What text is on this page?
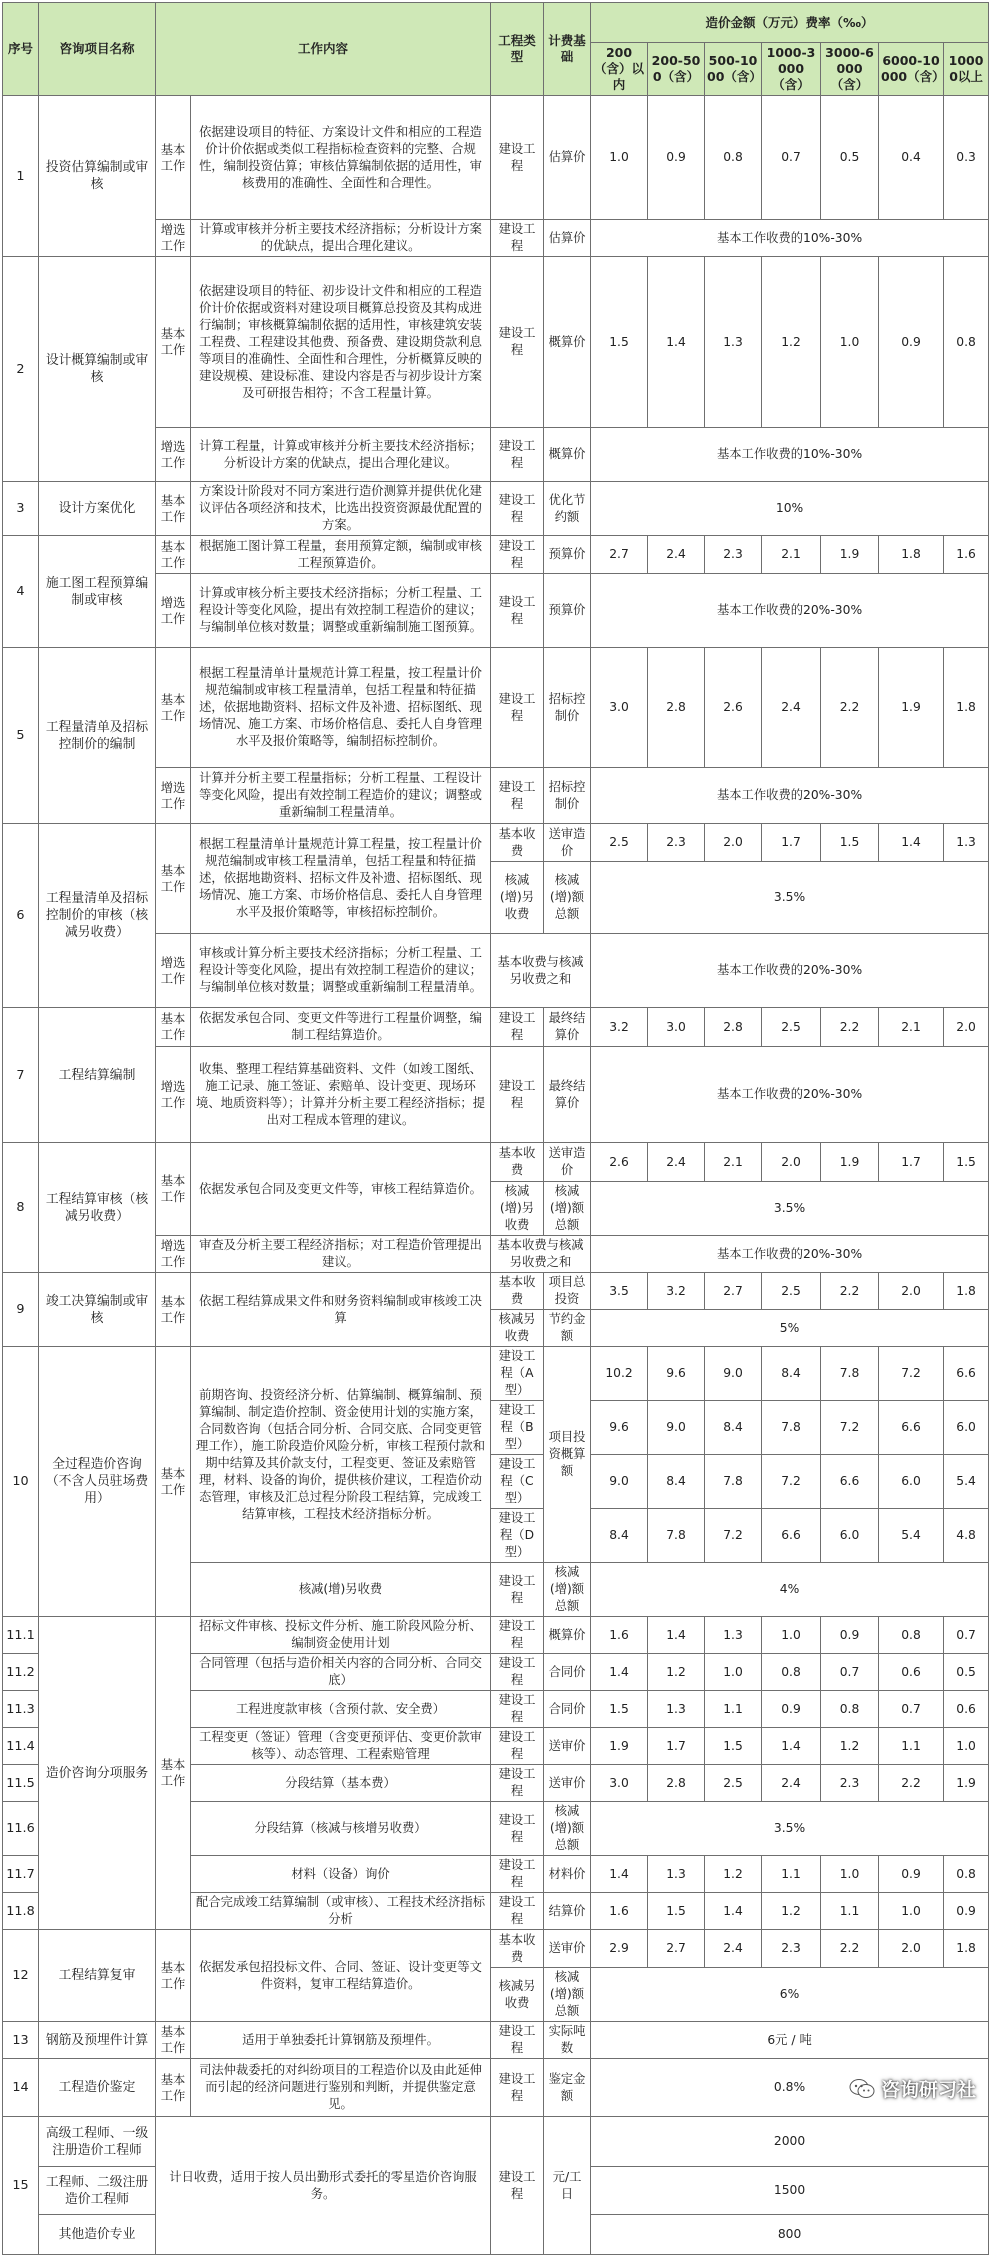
序号	咨询项目名称	工作内容		工程类型	计费基础	造价金额（万元）费率（‰）						
						200（含）以内	200-500（含）	500-1000（含）	1000-3000（含）	3000-6000（含）	6000-10000（含）	10000以上
1	投资估算编制或审核	基本工作	依据建设项目的特征、方案设计文件和相应的工程造价计价依据或类似工程指标检查资料的完整、合规性，编制投资估算；审核估算编制依据的适用性，审核费用的准确性、全面性和合理性。	建设工程	估算价	1.0	0.9	0.8	0.7	0.5	0.4	0.3
		增选工作	计算或审核并分析主要技术经济指标；分析设计方案的优缺点，提出合理化建议。	建设工程	估算价	基本工作收费的10%-30%						
2	设计概算编制或审核	基本工作	依据建设项目的特征、初步设计文件和相应的工程造价计价依据或资料对建设项目概算总投资及其构成进行编制；审核概算编制依据的适用性，审核建筑安装工程费、工程建设其他费、预备费、建设期贷款利息等项目的准确性、全面性和合理性，分析概算反映的建设规模、建设标准、建设内容是否与初步设计方案及可研报告相符；不含工程量计算。	建设工程	概算价	1.5	1.4	1.3	1.2	1.0	0.9	0.8
		增选工作	计算工程量，计算或审核并分析主要技术经济指标；分析设计方案的优缺点，提出合理化建议。	建设工程	概算价	基本工作收费的10%-30%						
3	设计方案优化	基本工作	方案设计阶段对不同方案进行造价测算并提供优化建议评估各项经济和技术，比选出投资资源最优配置的方案。	建设工程	优化节约额	10%						
4	施工图工程预算编制或审核	基本工作	根据施工图计算工程量，套用预算定额，编制或审核工程预算造价。	建设工程	预算价	2.7	2.4	2.3	2.1	1.9	1.8	1.6
		增选工作	计算或审核分析主要技术经济指标；分析工程量、工程设计等变化风险，提出有效控制工程造价的建议；与编制单位核对数量；调整或重新编制施工图预算。	建设工程	预算价	基本工作收费的20%-30%						
5	工程量清单及招标控制价的编制	基本工作	根据工程量清单计量规范计算工程量，按工程量计价规范编制或审核工程量清单，包括工程量和特征描述，依据地勘资料、招标文件及补遗、招标图纸、现场情况、施工方案、市场价格信息、委托人自身管理水平及报价策略等，编制招标控制价。	建设工程	招标控制价	3.0	2.8	2.6	2.4	2.2	1.9	1.8
		增选工作	计算并分析主要工程量指标；分析工程量、工程设计等变化风险，提出有效控制工程造价的建议；调整或重新编制工程量清单。	建设工程	招标控制价	基本工作收费的20%-30%						
6	工程量清单及招标控制价的审核（核减另收费）	基本工作	根据工程量清单计量规范计算工程量，按工程量计价规范编制或审核工程量清单，包括工程量和特征描述，依据地勘资料、招标文件及补遗、招标图纸、现场情况、施工方案、市场价格信息、委托人自身管理水平及报价策略等，审核招标控制价。	基本收费	送审造价	2.5	2.3	2.0	1.7	1.5	1.4	1.3
				核减(增)另收费	核减(增)额总额	3.5%						
		增选工作	审核或计算分析主要技术经济指标；分析工程量、工程设计等变化风险，提出有效控制工程造价的建议；与编制单位核对数量；调整或重新编制工程量清单。	基本收费与核减另收费之和		基本工作收费的20%-30%						
7	工程结算编制	基本工作	依据发承包合同、变更文件等进行工程量价调整，编制工程结算造价。	建设工程	最终结算价	3.2	3.0	2.8	2.5	2.2	2.1	2.0
		增选工作	收集、整理工程结算基础资料、文件（如竣工图纸、施工记录、施工签证、索赔单、设计变更、现场环境、地质资料等）；计算并分析主要工程经济指标；提出对工程成本管理的建议。	建设工程	最终结算价	基本工作收费的20%-30%						
8	工程结算审核（核减另收费）	基本工作	依据发承包合同及变更文件等，审核工程结算造价。	基本收费	送审造价	2.6	2.4	2.1	2.0	1.9	1.7	1.5
				核减(增)另收费	核减(增)额总额	3.5%						
		增选工作	审查及分析主要工程经济指标；对工程造价管理提出建议。	基本收费与核减另收费之和		基本工作收费的20%-30%						
9	竣工决算编制或审核	基本工作	依据工程结算成果文件和财务资料编制或审核竣工决算	基本收费	项目总投资	3.5	3.2	2.7	2.5	2.2	2.0	1.8
				核减另收费	节约金额	5%						
10	全过程造价咨询（不含人员驻场费用）	基本工作	前期咨询、投资经济分析、估算编制、概算编制、预算编制、制定造价控制、资金使用计划的实施方案，合同数咨询（包括合同分析、合同交底、合同变更管理工作），施工阶段造价风险分析，审核工程预付款和期中结算及其价款支付，工程变更、签证及索赔管理，材料、设备的询价，提供核价建议，工程造价动态管理，审核及汇总过程分阶段工程结算，完成竣工结算审核，工程技术经济指标分析。	建设工程（A型）	项目投资概算额	10.2	9.6	9.0	8.4	7.8	7.2	6.6
				建设工程（B型）		9.6	9.0	8.4	7.8	7.2	6.6	6.0
				建设工程（C型）		9.0	8.4	7.8	7.2	6.6	6.0	5.4
				建设工程（D型）		8.4	7.8	7.2	6.6	6.0	5.4	4.8
			核减(增)另收费	建设工程	核减(增)额总额	4%						
11.1	造价咨询分项服务	基本工作	招标文件审核、投标文件分析、施工阶段风险分析、编制资金使用计划	建设工程	概算价	1.6	1.4	1.3	1.0	0.9	0.8	0.7
11.2			合同管理（包括与造价相关内容的合同分析、合同交底）	建设工程	合同价	1.4	1.2	1.0	0.8	0.7	0.6	0.5
11.3			工程进度款审核（含预付款、安全费）	建设工程	合同价	1.5	1.3	1.1	0.9	0.8	0.7	0.6
11.4			工程变更（签证）管理（含变更预评估、变更价款审核等）、动态管理、工程索赔管理	建设工程	送审价	1.9	1.7	1.5	1.4	1.2	1.1	1.0
11.5			分段结算（基本费）	建设工程	送审价	3.0	2.8	2.5	2.4	2.3	2.2	1.9
11.6			分段结算（核减与核增另收费）	建设工程	核减(增)额总额	3.5%						
11.7			材料（设备）询价	建设工程	材料价	1.4	1.3	1.2	1.1	1.0	0.9	0.8
11.8			配合完成竣工结算编制（或审核）、工程技术经济指标分析	建设工程	结算价	1.6	1.5	1.4	1.2	1.1	1.0	0.9
12	工程结算复审	基本工作	依据发承包招投标文件、合同、签证、设计变更等文件资料，复审工程结算造价。	基本收费	送审价	2.9	2.7	2.4	2.3	2.2	2.0	1.8
				核减另收费	核减(增)额总额	6%						
13	钢筋及预埋件计算	基本工作	适用于单独委托计算钢筋及预埋件。	建设工程	实际吨数	6元 / 吨						
14	工程造价鉴定	基本工作	司法仲裁委托的对纠纷项目的工程造价以及由此延伸而引起的经济问题进行鉴别和判断，并提供鉴定意见。	建设工程	鉴定金额	0.8%						
15	高级工程师、一级注册造价工程师	计日收费，适用于按人员出勤形式委托的零星造价咨询服务。		建设工程	元/工日	2000						
	工程师、二级注册造价工程师					1500						
	其他造价专业					800						
咨询研习社
